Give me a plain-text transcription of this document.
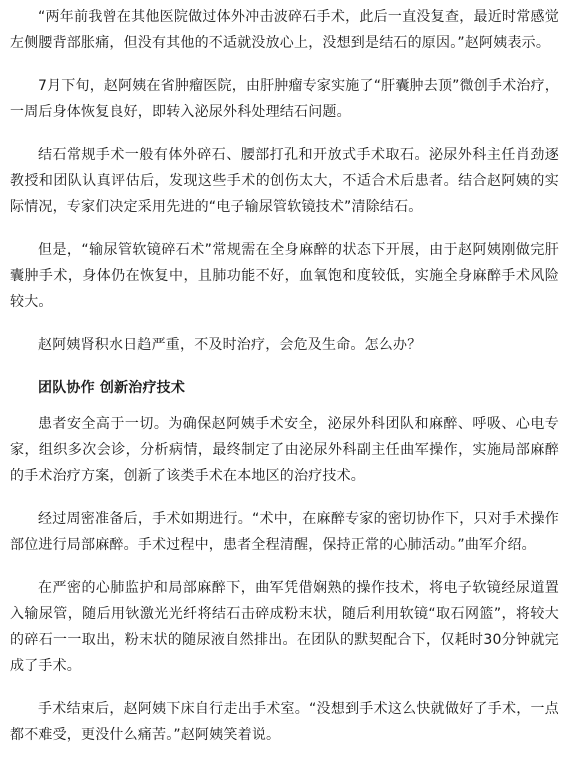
“两年前我曾在其他医院做过体外冲击波碎石手术，此后一直没复查，最近时常感觉左侧腰背部胀痛，但没有其他的不适就没放心上，没想到是结石的原因。”赵阿姨表示。

7月下旬，赵阿姨在省肿瘤医院，由肝肿瘤专家实施了“肝囊肿去顶”微创手术治疗，一周后身体恢复良好，即转入泌尿外科处理结石问题。

结石常规手术一般有体外碎石、腰部打孔和开放式手术取石。泌尿外科主任肖劲逐教授和团队认真评估后，发现这些手术的创伤太大，不适合术后患者。结合赵阿姨的实际情况，专家们决定采用先进的“电子输尿管软镜技术”清除结石。

但是，“输尿管软镜碎石术”常规需在全身麻醉的状态下开展，由于赵阿姨刚做完肝囊肿手术，身体仍在恢复中，且肺功能不好，血氧饱和度较低，实施全身麻醉手术风险较大。

赵阿姨肾积水日趋严重，不及时治疗，会危及生命。怎么办？

团队协作 创新治疗技术

患者安全高于一切。为确保赵阿姨手术安全，泌尿外科团队和麻醉、呼吸、心电专家，组织多次会诊，分析病情，最终制定了由泌尿外科副主任曲军操作，实施局部麻醉的手术治疗方案，创新了该类手术在本地区的治疗技术。

经过周密准备后，手术如期进行。“术中，在麻醉专家的密切协作下，只对手术操作部位进行局部麻醉。手术过程中，患者全程清醒，保持正常的心肺活动。”曲军介绍。

在严密的心肺监护和局部麻醉下，曲军凭借娴熟的操作技术，将电子软镜经尿道置入输尿管，随后用钬激光光纤将结石击碎成粉末状，随后利用软镜“取石网篮”，将较大的碎石一一取出，粉末状的随尿液自然排出。在团队的默契配合下，仅耗时30分钟就完成了手术。

手术结束后，赵阿姨下床自行走出手术室。“没想到手术这么快就做好了手术，一点都不难受，更没什么痛苦。”赵阿姨笑着说。
